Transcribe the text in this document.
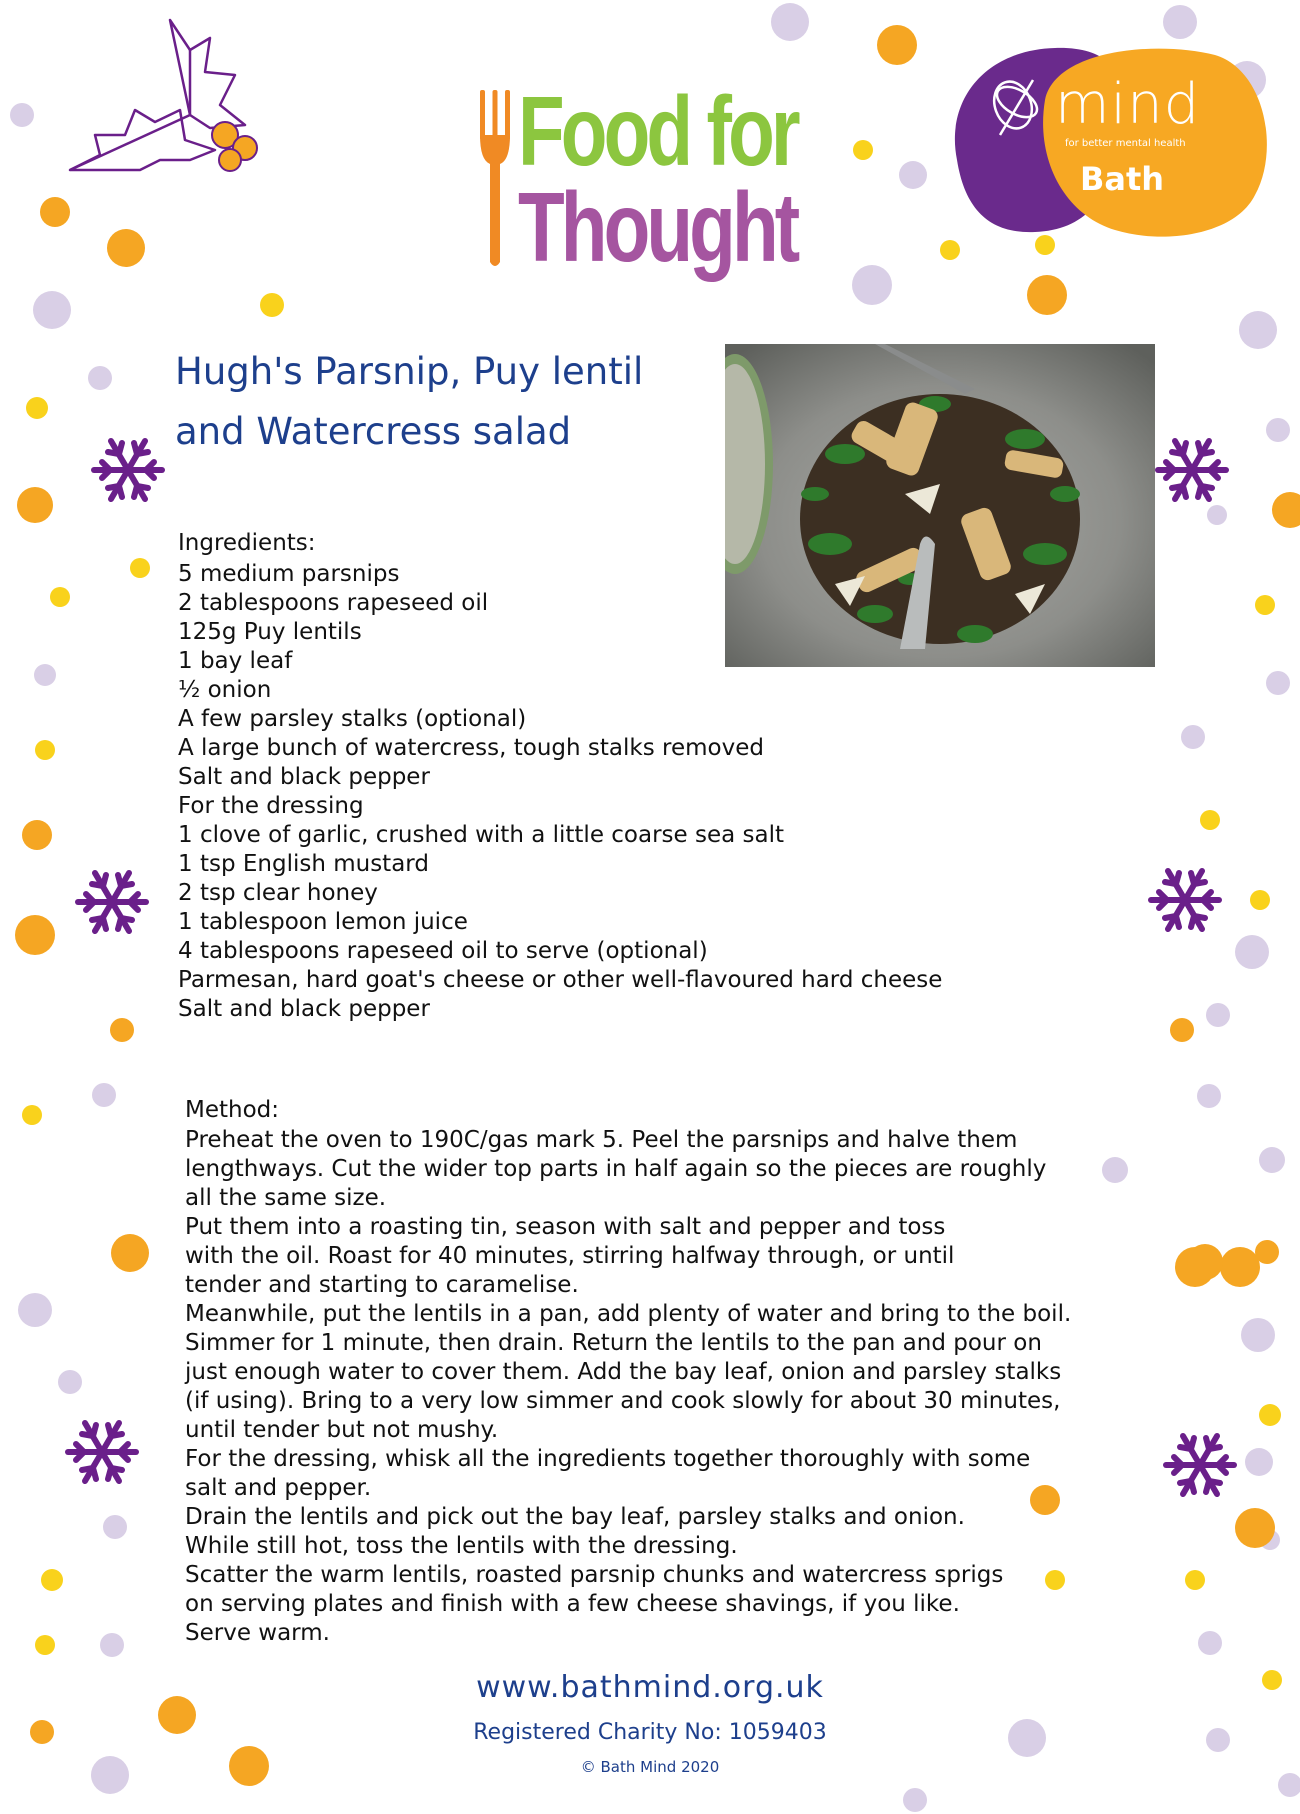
Food for
Thought
mind
for better mental health
Bath
Hugh's Parsnip, Puy lentil
and Watercress salad
Ingredients:
5 medium parsnips
2 tablespoons rapeseed oil
125g Puy lentils
1 bay leaf
½ onion
A few parsley stalks (optional)
A large bunch of watercress, tough stalks removed
Salt and black pepper
For the dressing
1 clove of garlic, crushed with a little coarse sea salt
1 tsp English mustard
2 tsp clear honey
1 tablespoon lemon juice
4 tablespoons rapeseed oil to serve (optional)
Parmesan, hard goat's cheese or other well-flavoured hard cheese
Salt and black pepper
Method:
Preheat the oven to 190C/gas mark 5. Peel the parsnips and halve them
lengthways. Cut the wider top parts in half again so the pieces are roughly
all the same size.
Put them into a roasting tin, season with salt and pepper and toss
with the oil. Roast for 40 minutes, stirring halfway through, or until
tender and starting to caramelise.
Meanwhile, put the lentils in a pan, add plenty of water and bring to the boil.
Simmer for 1 minute, then drain. Return the lentils to the pan and pour on
just enough water to cover them. Add the bay leaf, onion and parsley stalks
(if using). Bring to a very low simmer and cook slowly for about 30 minutes,
until tender but not mushy.
For the dressing, whisk all the ingredients together thoroughly with some
salt and pepper.
Drain the lentils and pick out the bay leaf, parsley stalks and onion.
While still hot, toss the lentils with the dressing.
Scatter the warm lentils, roasted parsnip chunks and watercress sprigs
on serving plates and finish with a few cheese shavings, if you like.
Serve warm.
www.bathmind.org.uk
Registered Charity No: 1059403
© Bath Mind 2020
